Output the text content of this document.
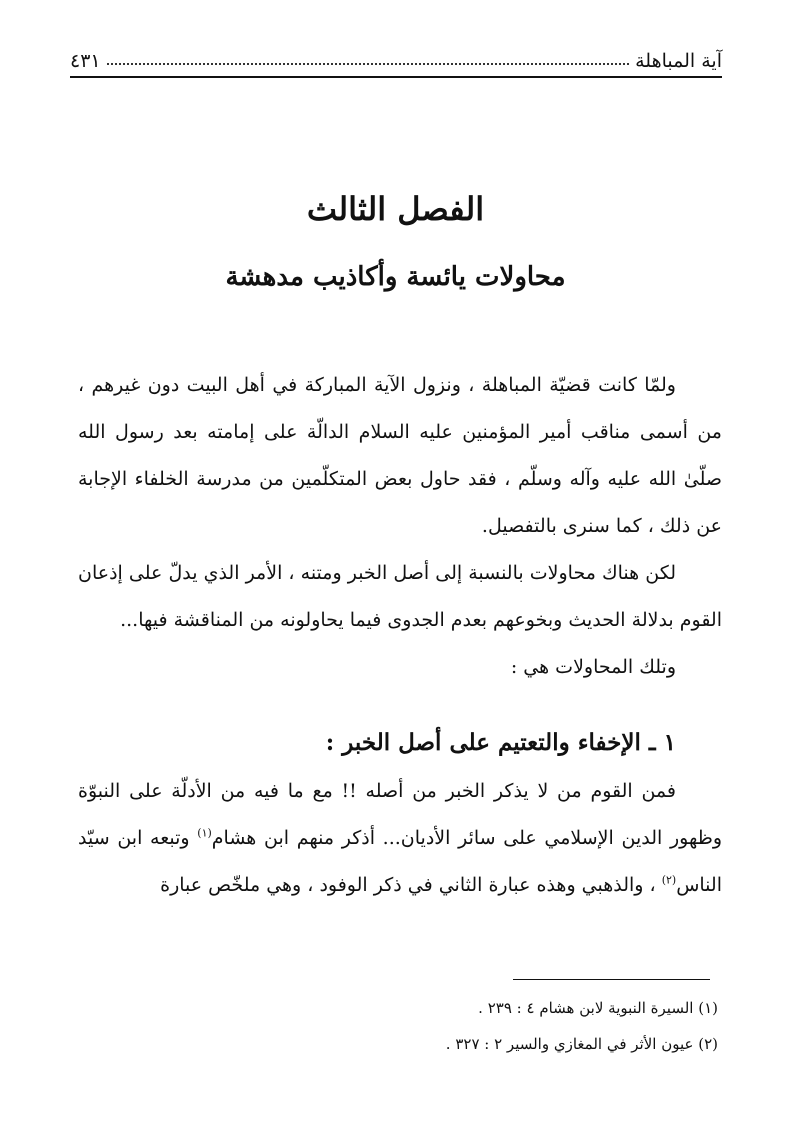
آية المباهلة
٤٣١
الفصل الثالث
محاولات يائسة وأكاذيب مدهشة

ولمّا كانت قضيّة المباهلة ، ونزول الآية المباركة في أهل البيت دون غيرهم ، من أسمى مناقب أمير المؤمنين عليه السلام الدالّة على إمامته بعد رسول الله صلّىٰ الله عليه وآله وسلّم ، فقد حاول بعض المتكلّمين من مدرسة الخلفاء الإجابة عن ذلك ، كما سنرى بالتفصيل.

لكن هناك محاولات بالنسبة إلى أصل الخبر ومتنه ، الأمر الذي يدلّ على إذعان القوم بدلالة الحديث وبخوعهم بعدم الجدوى فيما يحاولونه من المناقشة فيها...

وتلك المحاولات هي :

١ ـ الإخفاء والتعتيم على أصل الخبر :

فمن القوم من لا يذكر الخبر من أصله !! مع ما فيه من الأدلّة على النبوّة وظهور الدين الإسلامي على سائر الأديان... أذكر منهم ابن هشام$^{(١)}$ وتبعه ابن سيّد الناس$^{(٢)}$ ، والذهبي وهذه عبارة الثاني في ذكر الوفود ، وهي ملخّص عبارة

(١) السيرة النبوية لابن هشام ٤ : ٢٣٩ .
(٢) عيون الأثر في المغازي والسير ٢ : ٣٢٧ .
